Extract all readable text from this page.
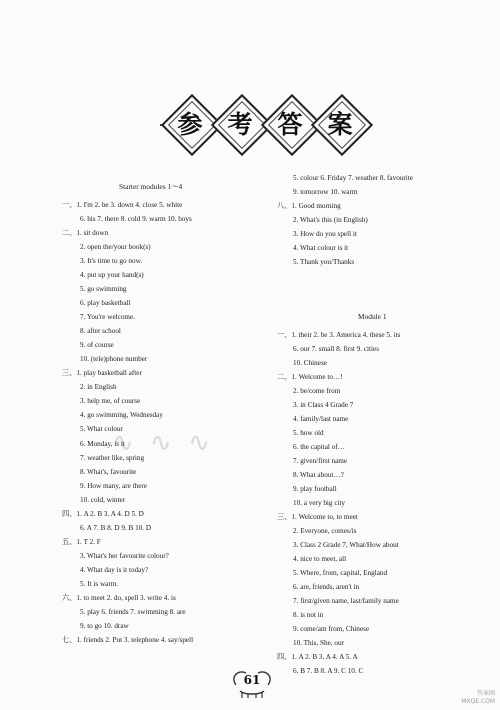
参 考 答 案
∿ ∿ ∿
Starter modules 1～4
一、1. I'm 2. be 3. down 4. close 5. white
6. his 7. there 8. cold 9. warm 10. boys
二、1. sit down
2. open the/your book(s)
3. It's time to go now.
4. put up your hand(s)
5. go swimming
6. play basketball
7. You're welcome.
8. after school
9. of course
10. (tele)phone number
三、1. play basketball after
2. in English
3. help me, of course
4. go swimming, Wednesday
5. What colour
6. Monday, is it
7. weather like, spring
8. What's, favourite
9. How many, are there
10. cold, winter
四、1. A 2. B 3. A 4. D 5. D
6. A 7. B 8. D 9. B 10. D
五、1. T 2. F
3. What's her favourite colour?
4. What day is it today?
5. It is warm.
六、1. to meet 2. do, spell 3. write 4. is
5. play 6. friends 7. swimming 8. are
9. to go 10. draw
七、1. friends 2. Put 3. telephone 4. say/spell
5. colour 6. Friday 7. weather 8. favourite
9. tomorrow 10. warm
八、1. Good morning
2. What's this (in English)
3. How do you spell it
4. What colour is it
5. Thank you/Thanks
Module 1
一、1. their 2. be 3. America 4. these 5. its
6. our 7. small 8. first 9. cities
10. Chinese
二、1. Welcome to…!
2. be/come from
3. in Class 4 Grade 7
4. family/last name
5. how old
6. the capital of…
7. given/first name
8. What about…?
9. play football
10. a very big city
三、1. Welcome to, to meet
2. Everyone, comes/is
3. Class 2 Grade 7, What/How about
4. nice to meet, all
5. Where, from, capital, England
6. are, friends, aren't in
7. first/given name, last/family name
8. is not in
9. come/am from, Chinese
10. This, She, our
四、1. A 2. B 3. A 4. A 5. A
6. B 7. B 8. A 9. C 10. C
61
答案圈 MXQE.COM
